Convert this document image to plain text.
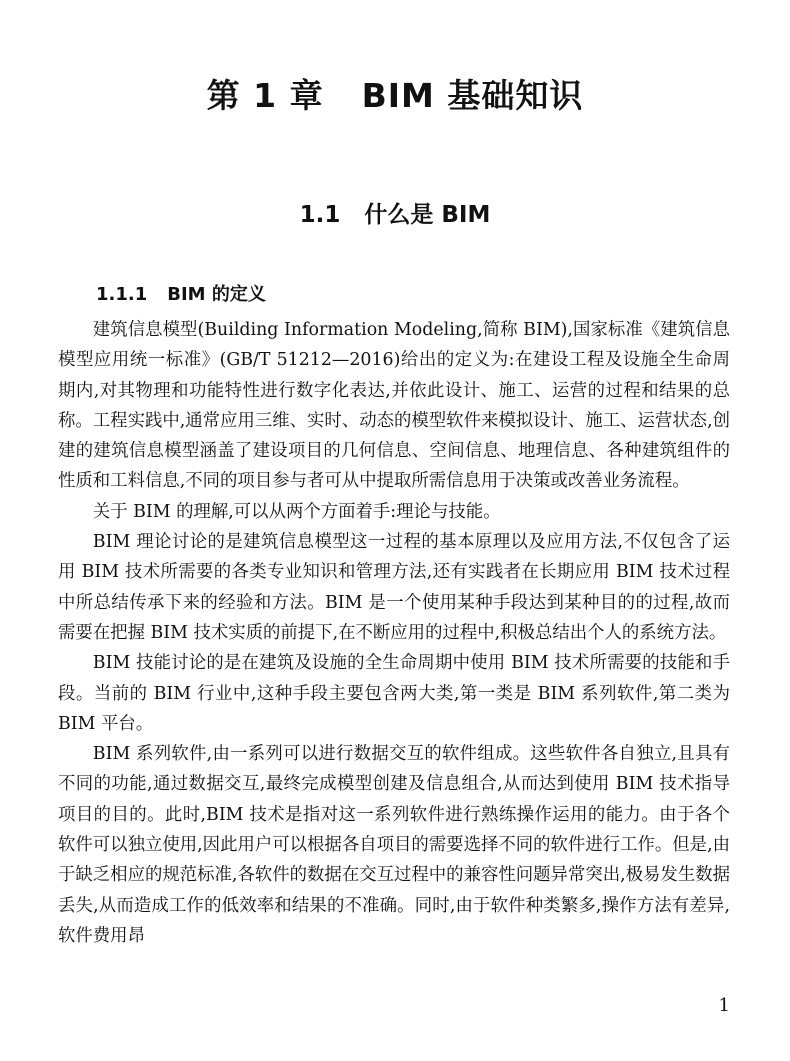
第 1 章 BIM 基础知识
1.1 什么是 BIM
1.1.1 BIM 的定义

建筑信息模型(Building Information Modeling,简称 BIM),国家标准《建筑信息模型应用统一标准》(GB/T 51212—2016)给出的定义为:在建设工程及设施全生命周期内,对其物理和功能特性进行数字化表达,并依此设计、施工、运营的过程和结果的总称。工程实践中,通常应用三维、实时、动态的模型软件来模拟设计、施工、运营状态,创建的建筑信息模型涵盖了建设项目的几何信息、空间信息、地理信息、各种建筑组件的性质和工料信息,不同的项目参与者可从中提取所需信息用于决策或改善业务流程。

关于 BIM 的理解,可以从两个方面着手:理论与技能。

BIM 理论讨论的是建筑信息模型这一过程的基本原理以及应用方法,不仅包含了运用 BIM 技术所需要的各类专业知识和管理方法,还有实践者在长期应用 BIM 技术过程中所总结传承下来的经验和方法。BIM 是一个使用某种手段达到某种目的的过程,故而需要在把握 BIM 技术实质的前提下,在不断应用的过程中,积极总结出个人的系统方法。

BIM 技能讨论的是在建筑及设施的全生命周期中使用 BIM 技术所需要的技能和手段。当前的 BIM 行业中,这种手段主要包含两大类,第一类是 BIM 系列软件,第二类为 BIM 平台。

BIM 系列软件,由一系列可以进行数据交互的软件组成。这些软件各自独立,且具有不同的功能,通过数据交互,最终完成模型创建及信息组合,从而达到使用 BIM 技术指导项目的目的。此时,BIM 技术是指对这一系列软件进行熟练操作运用的能力。由于各个软件可以独立使用,因此用户可以根据各自项目的需要选择不同的软件进行工作。但是,由于缺乏相应的规范标准,各软件的数据在交互过程中的兼容性问题异常突出,极易发生数据丢失,从而造成工作的低效率和结果的不准确。同时,由于软件种类繁多,操作方法有差异,软件费用昂

1
